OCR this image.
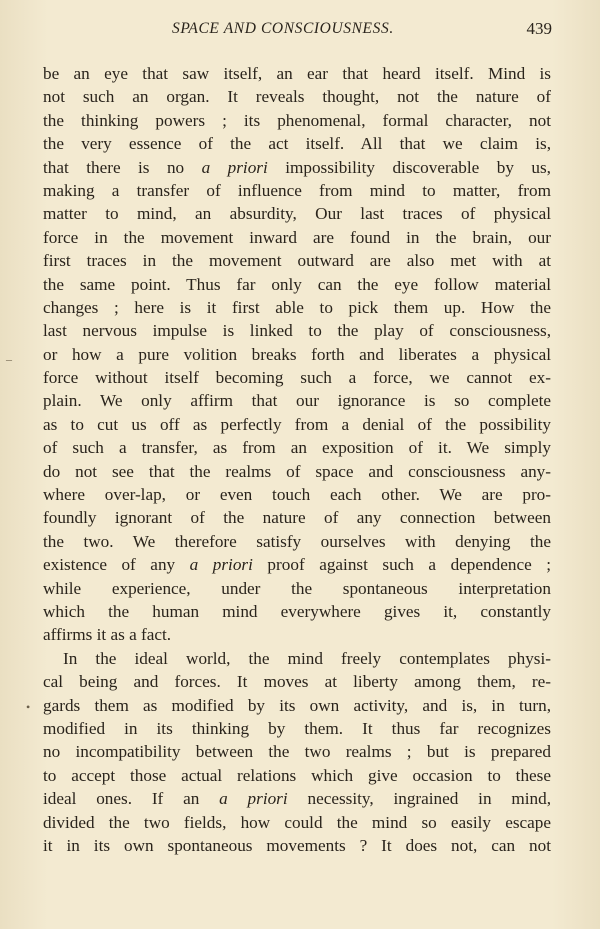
SPACE AND CONSCIOUSNESS.	439
be an eye that saw itself, an ear that heard itself. Mind is
not such an organ. It reveals thought, not the nature of
the thinking powers ; its phenomenal, formal character, not
the very essence of the act itself. All that we claim is,
that there is no a priori impossibility discoverable by us,
making a transfer of influence from mind to matter, from
matter to mind, an absurdity, Our last traces of physical
force in the movement inward are found in the brain, our
first traces in the movement outward are also met with at
the same point. Thus far only can the eye follow material
changes ; here is it first able to pick them up. How the
last nervous impulse is linked to the play of consciousness,
or how a pure volition breaks forth and liberates a physical
force without itself becoming such a force, we cannot ex-
plain. We only affirm that our ignorance is so complete
as to cut us off as perfectly from a denial of the possibility
of such a transfer, as from an exposition of it. We simply
do not see that the realms of space and consciousness any-
where over-lap, or even touch each other. We are pro-
foundly ignorant of the nature of any connection between
the two. We therefore satisfy ourselves with denying the
existence of any a priori proof against such a dependence ;
while experience, under the spontaneous interpretation
which the human mind everywhere gives it, constantly
affirms it as a fact.
In the ideal world, the mind freely contemplates physi-
cal being and forces. It moves at liberty among them, re-
gards them as modified by its own activity, and is, in turn,
modified in its thinking by them. It thus far recognizes
no incompatibility between the two realms ; but is prepared
to accept those actual relations which give occasion to these
ideal ones. If an a priori necessity, ingrained in mind,
divided the two fields, how could the mind so easily escape
it in its own spontaneous movements ? It does not, can not
–
•
